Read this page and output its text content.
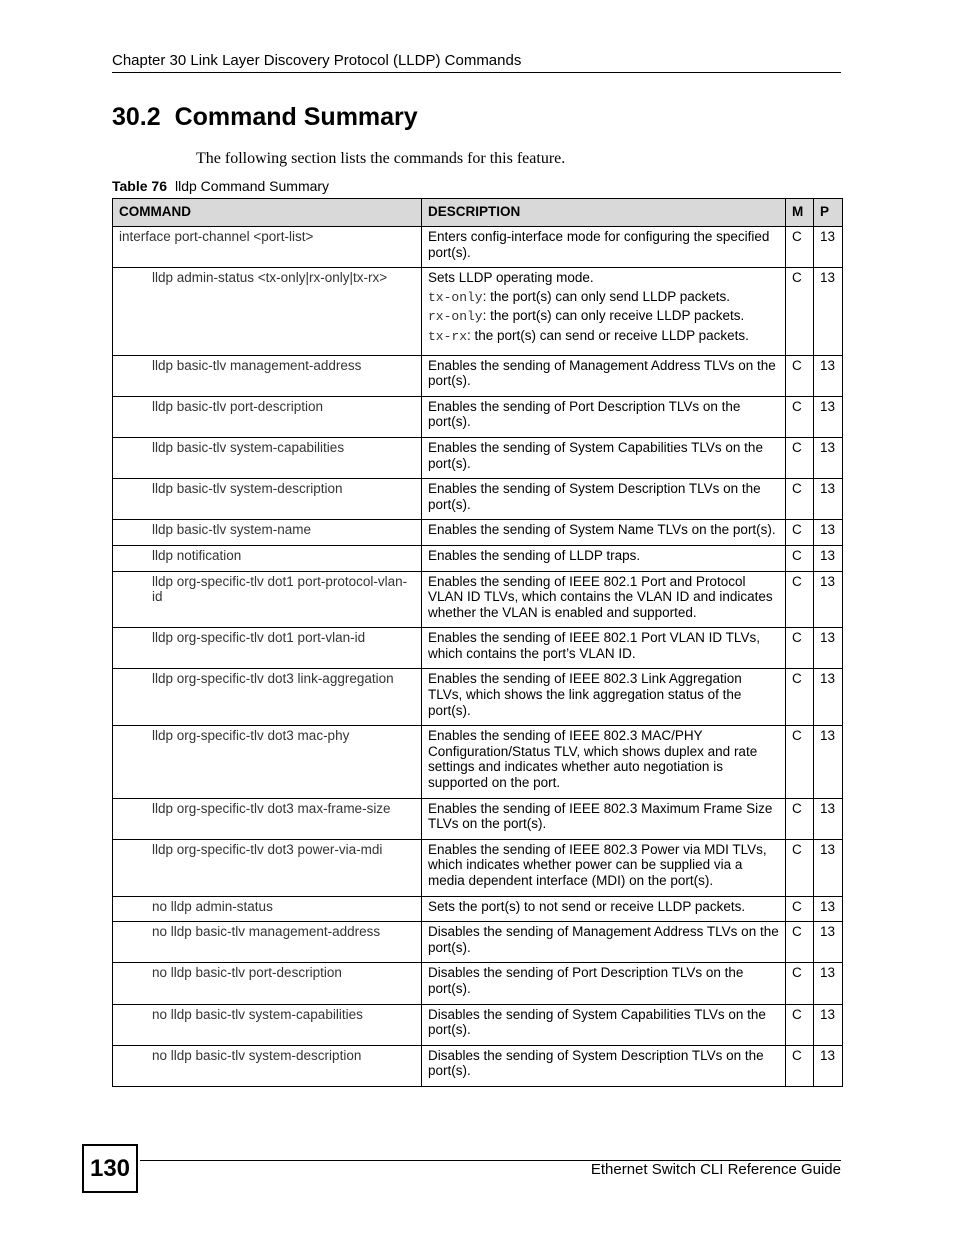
Chapter 30 Link Layer Discovery Protocol (LLDP) Commands
30.2 Command Summary
The following section lists the commands for this feature.
Table 76 lldp Command Summary
COMMAND	DESCRIPTION	M	P
interface port-channel <port-list>	Enters config-interface mode for configuring the specified port(s).	C	13
lldp admin-status <tx-only|rx-only|tx-rx>	Sets LLDP operating mode.
tx-only: the port(s) can only send LLDP packets.
rx-only: the port(s) can only receive LLDP packets.
tx-rx: the port(s) can send or receive LLDP packets.	C	13
lldp basic-tlv management-address	Enables the sending of Management Address TLVs on the port(s).	C	13
lldp basic-tlv port-description	Enables the sending of Port Description TLVs on the port(s).	C	13
lldp basic-tlv system-capabilities	Enables the sending of System Capabilities TLVs on the port(s).	C	13
lldp basic-tlv system-description	Enables the sending of System Description TLVs on the port(s).	C	13
lldp basic-tlv system-name	Enables the sending of System Name TLVs on the port(s).	C	13
lldp notification	Enables the sending of LLDP traps.	C	13
lldp org-specific-tlv dot1 port-protocol-vlan-id	Enables the sending of IEEE 802.1 Port and Protocol VLAN ID TLVs, which contains the VLAN ID and indicates whether the VLAN is enabled and supported.	C	13
lldp org-specific-tlv dot1 port-vlan-id	Enables the sending of IEEE 802.1 Port VLAN ID TLVs, which contains the port’s VLAN ID.	C	13
lldp org-specific-tlv dot3 link-aggregation	Enables the sending of IEEE 802.3 Link Aggregation TLVs, which shows the link aggregation status of the port(s).	C	13
lldp org-specific-tlv dot3 mac-phy	Enables the sending of IEEE 802.3 MAC/PHY Configuration/Status TLV, which shows duplex and rate settings and indicates whether auto negotiation is supported on the port.	C	13
lldp org-specific-tlv dot3 max-frame-size	Enables the sending of IEEE 802.3 Maximum Frame Size TLVs on the port(s).	C	13
lldp org-specific-tlv dot3 power-via-mdi	Enables the sending of IEEE 802.3 Power via MDI TLVs, which indicates whether power can be supplied via a media dependent interface (MDI) on the port(s).	C	13
no lldp admin-status	Sets the port(s) to not send or receive LLDP packets.	C	13
no lldp basic-tlv management-address	Disables the sending of Management Address TLVs on the port(s).	C	13
no lldp basic-tlv port-description	Disables the sending of Port Description TLVs on the port(s).	C	13
no lldp basic-tlv system-capabilities	Disables the sending of System Capabilities TLVs on the port(s).	C	13
no lldp basic-tlv system-description	Disables the sending of System Description TLVs on the port(s).	C	13
130	Ethernet Switch CLI Reference Guide
